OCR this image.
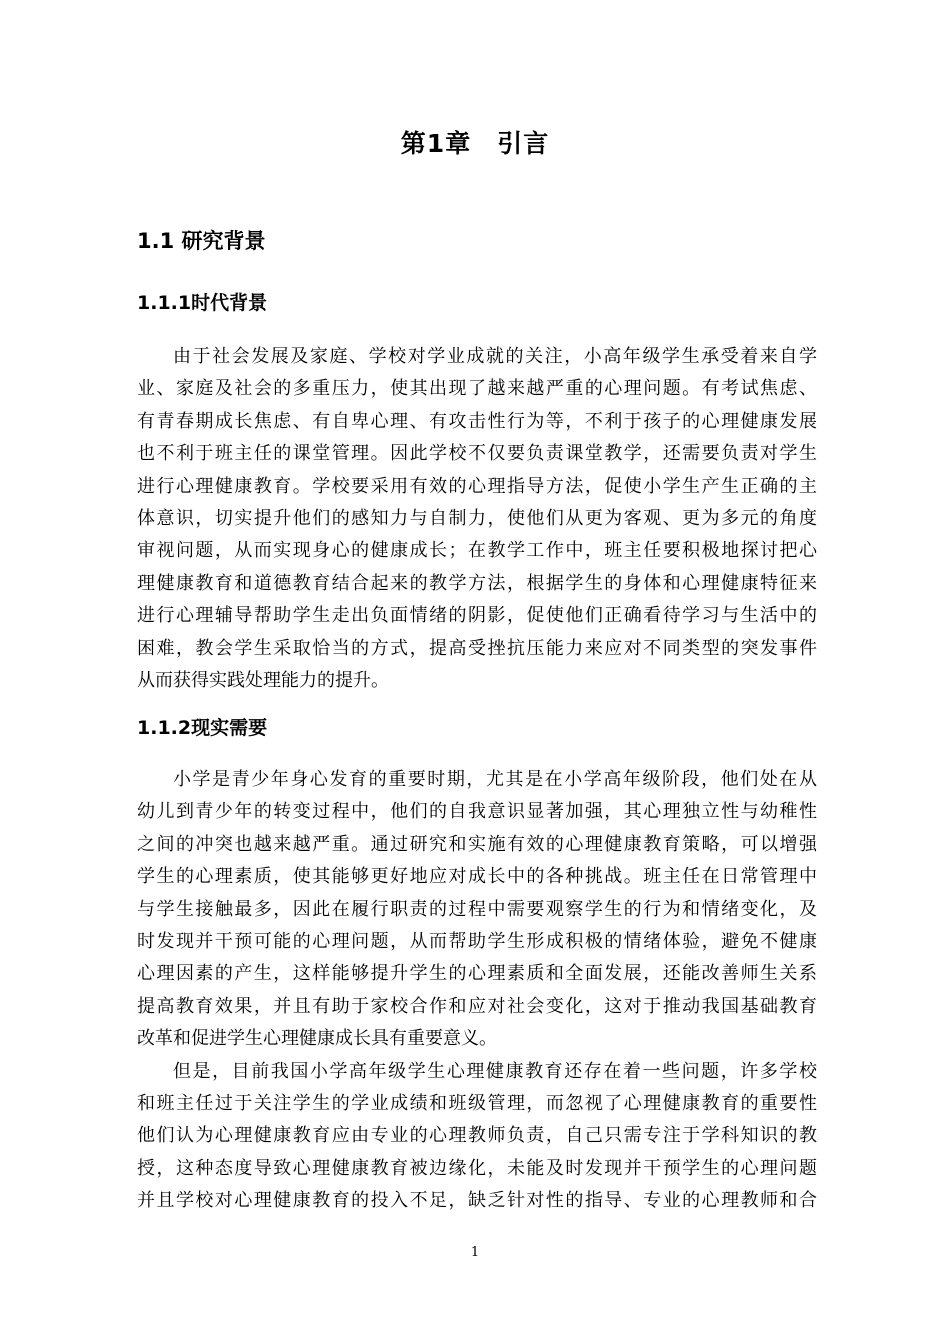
第1章　引言
1.1 研究背景
1.1.1时代背景
由于社会发展及家庭、学校对学业成就的关注，小高年级学生承受着来自学
业、家庭及社会的多重压力，使其出现了越来越严重的心理问题。有考试焦虑、
有青春期成长焦虑、有自卑心理、有攻击性行为等，不利于孩子的心理健康发展
也不利于班主任的课堂管理。因此学校不仅要负责课堂教学，还需要负责对学生
进行心理健康教育。学校要采用有效的心理指导方法，促使小学生产生正确的主
体意识，切实提升他们的感知力与自制力，使他们从更为客观、更为多元的角度
审视问题，从而实现身心的健康成长；在教学工作中，班主任要积极地探讨把心
理健康教育和道德教育结合起来的教学方法，根据学生的身体和心理健康特征来
进行心理辅导帮助学生走出负面情绪的阴影，促使他们正确看待学习与生活中的
困难，教会学生采取恰当的方式，提高受挫抗压能力来应对不同类型的突发事件
从而获得实践处理能力的提升。
1.1.2现实需要
小学是青少年身心发育的重要时期，尤其是在小学高年级阶段，他们处在从
幼儿到青少年的转变过程中，他们的自我意识显著加强，其心理独立性与幼稚性
之间的冲突也越来越严重。通过研究和实施有效的心理健康教育策略，可以增强
学生的心理素质，使其能够更好地应对成长中的各种挑战。班主任在日常管理中
与学生接触最多，因此在履行职责的过程中需要观察学生的行为和情绪变化，及
时发现并干预可能的心理问题，从而帮助学生形成积极的情绪体验，避免不健康
心理因素的产生，这样能够提升学生的心理素质和全面发展，还能改善师生关系
提高教育效果，并且有助于家校合作和应对社会变化，这对于推动我国基础教育
改革和促进学生心理健康成长具有重要意义。
但是，目前我国小学高年级学生心理健康教育还存在着一些问题，许多学校
和班主任过于关注学生的学业成绩和班级管理，而忽视了心理健康教育的重要性
他们认为心理健康教育应由专业的心理教师负责，自己只需专注于学科知识的教
授，这种态度导致心理健康教育被边缘化，未能及时发现并干预学生的心理问题
并且学校对心理健康教育的投入不足，缺乏针对性的指导、专业的心理教师和合
1
